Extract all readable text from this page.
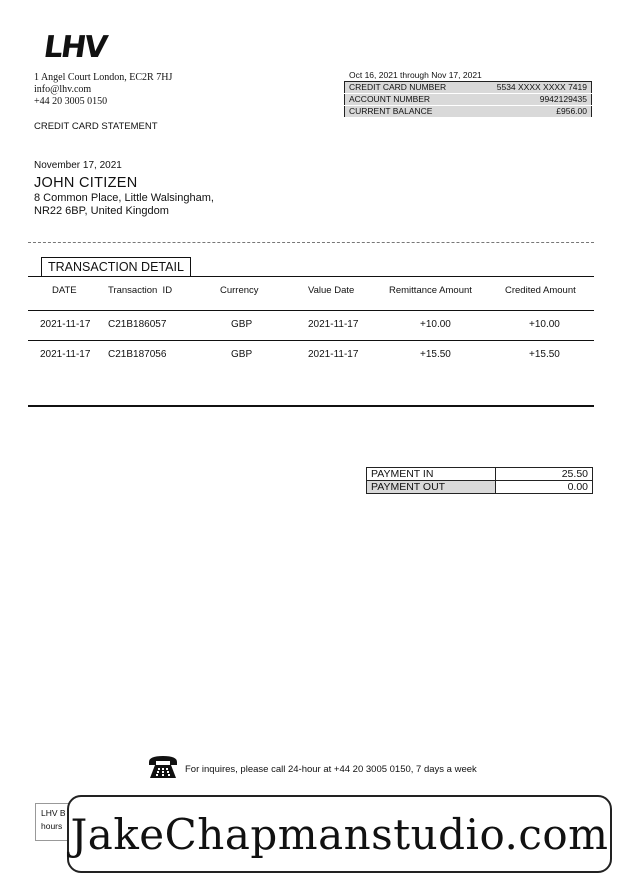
LHV
1 Angel Court London, EC2R 7HJ
info@lhv.com
+44 20 3005 0150
CREDIT CARD STATEMENT
Oct 16, 2021 through Nov 17, 2021
CREDIT CARD NUMBER	5534 XXXX XXXX 7419
ACCOUNT NUMBER	9942129435
CURRENT BALANCE	£956.00
November 17, 2021
JOHN CITIZEN
8 Common Place, Little Walsingham,
NR22 6BP, United Kingdom
TRANSACTION DETAIL
DATE	Transaction  ID	Currency	Value Date	Remittance Amount	Credited Amount
2021-11-17 C21B186057	GBP	2021-11-17	+10.00	+10.00
2021-11-17 C21B187056	GBP	2021-11-17	+15.50	+15.50
PAYMENT IN	25.50
PAYMENT OUT	0.00
For inquires, please call 24-hour at +44 20 3005 0150, 7 days a week
LHV B
hours JakeChapmanstudio.com
